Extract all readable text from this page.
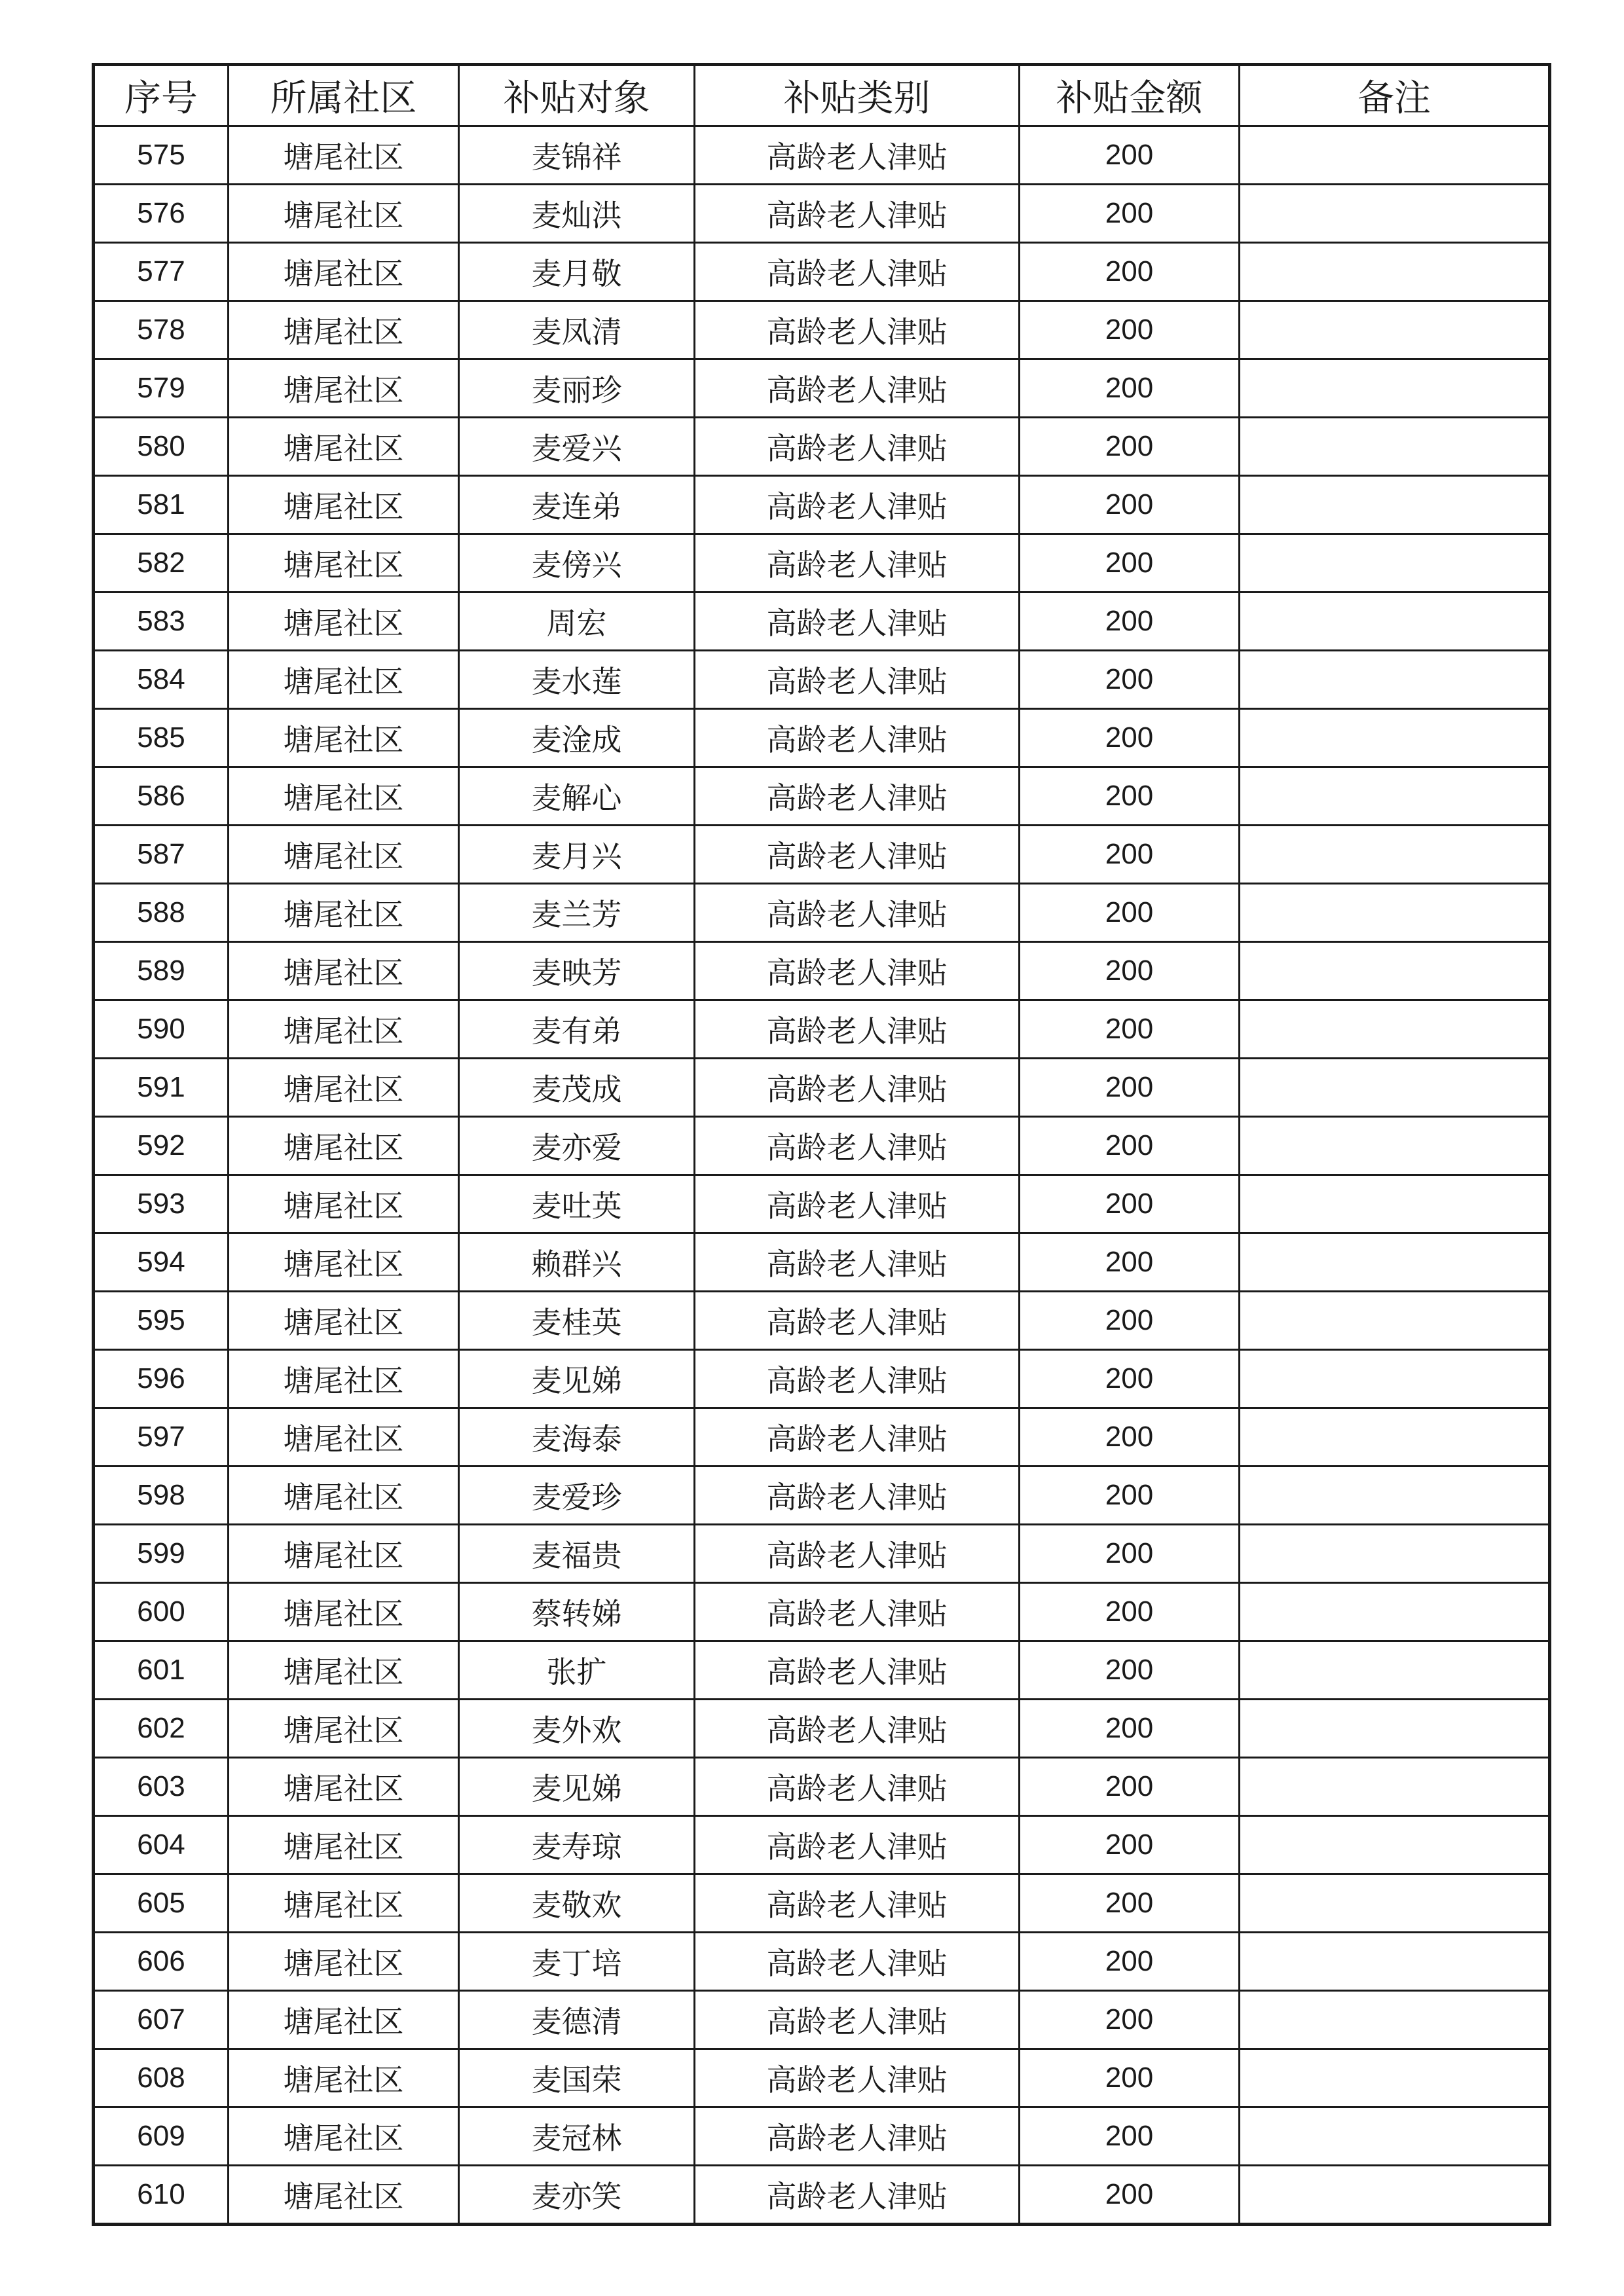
序号	所属社区	补贴对象	补贴类别	补贴金额	备注
575	塘尾社区	麦锦祥	高龄老人津贴	200	
576	塘尾社区	麦灿洪	高龄老人津贴	200	
577	塘尾社区	麦月敬	高龄老人津贴	200	
578	塘尾社区	麦凤清	高龄老人津贴	200	
579	塘尾社区	麦丽珍	高龄老人津贴	200	
580	塘尾社区	麦爱兴	高龄老人津贴	200	
581	塘尾社区	麦连弟	高龄老人津贴	200	
582	塘尾社区	麦傍兴	高龄老人津贴	200	
583	塘尾社区	周宏	高龄老人津贴	200	
584	塘尾社区	麦水莲	高龄老人津贴	200	
585	塘尾社区	麦淦成	高龄老人津贴	200	
586	塘尾社区	麦解心	高龄老人津贴	200	
587	塘尾社区	麦月兴	高龄老人津贴	200	
588	塘尾社区	麦兰芳	高龄老人津贴	200	
589	塘尾社区	麦映芳	高龄老人津贴	200	
590	塘尾社区	麦有弟	高龄老人津贴	200	
591	塘尾社区	麦茂成	高龄老人津贴	200	
592	塘尾社区	麦亦爱	高龄老人津贴	200	
593	塘尾社区	麦吐英	高龄老人津贴	200	
594	塘尾社区	赖群兴	高龄老人津贴	200	
595	塘尾社区	麦桂英	高龄老人津贴	200	
596	塘尾社区	麦见娣	高龄老人津贴	200	
597	塘尾社区	麦海泰	高龄老人津贴	200	
598	塘尾社区	麦爱珍	高龄老人津贴	200	
599	塘尾社区	麦福贵	高龄老人津贴	200	
600	塘尾社区	蔡转娣	高龄老人津贴	200	
601	塘尾社区	张扩	高龄老人津贴	200	
602	塘尾社区	麦外欢	高龄老人津贴	200	
603	塘尾社区	麦见娣	高龄老人津贴	200	
604	塘尾社区	麦寿琼	高龄老人津贴	200	
605	塘尾社区	麦敬欢	高龄老人津贴	200	
606	塘尾社区	麦丁培	高龄老人津贴	200	
607	塘尾社区	麦德清	高龄老人津贴	200	
608	塘尾社区	麦国荣	高龄老人津贴	200	
609	塘尾社区	麦冠林	高龄老人津贴	200	
610	塘尾社区	麦亦笑	高龄老人津贴	200	
